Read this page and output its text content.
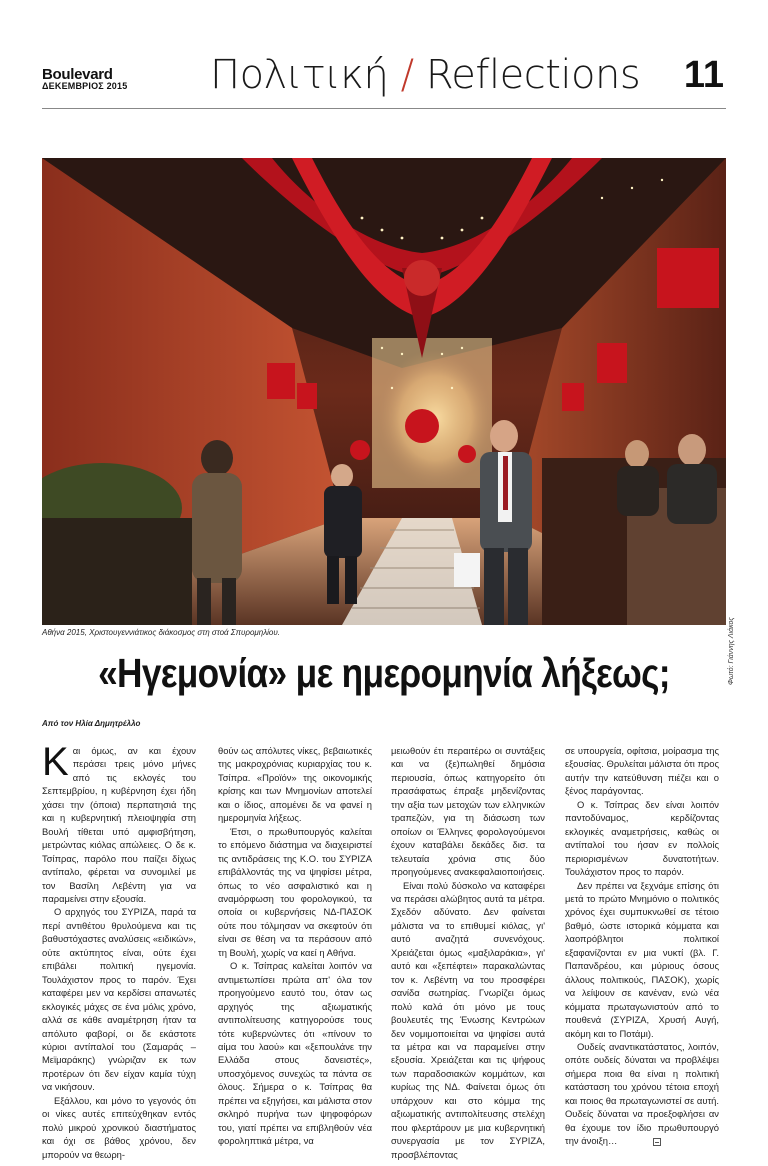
Boulevard
ΔΕΚΕΜΒΡΙΟΣ 2015 Πολιτική / Reflections 11
Αθήνα 2015, Χριστουγεννιάτικος διάκοσμος στη στοά Σπυρομηλίου.	Φωτό: Γιάννης Λιάκος
«Ηγεμονία» με ημερομηνία λήξεως;
Από τον Ηλία Δημητρέλλο

Και όμως, αν και έχουν περάσει τρεις μόνο μήνες από τις εκλογές του Σεπτεμβρίου, η κυβέρνηση έχει ήδη χάσει την (όποια) περπατησιά της και η κυβερνητική πλειοψηφία στη Βουλή τίθεται υπό αμφισβήτηση, μετρώντας κιόλας απώλειες. Ο δε κ. Τσίπρας, παρόλο που παίζει δίχως αντίπαλο, φέρεται να συνομιλεί με τον Βασίλη Λεβέντη για να παραμείνει στην εξουσία.

Ο αρχηγός του ΣΥΡΙΖΑ, παρά τα περί αντιθέτου θρυλούμενα και τις βαθυστόχαστες αναλύσεις «ειδικών», ούτε ακτύπητος είναι, ούτε έχει επιβάλει πολιτική ηγεμονία. Τουλάχιστον προς το παρόν. Έχει καταφέρει μεν να κερδίσει απανωτές εκλογικές μάχες σε ένα μόλις χρόνο, αλλά σε κάθε αναμέτρηση ήταν τα απόλυτο φαβορί, οι δε εκάστοτε κύριοι αντίπαλοί του (Σαμαράς – Μεϊμαράκης) γνώριζαν εκ των προτέρων ότι δεν είχαν καμία τύχη να νικήσουν.

Εξάλλου, και μόνο το γεγονός ότι οι νίκες αυτές επιτεύχθηκαν εντός πολύ μικρού χρονικού διαστήματος και όχι σε βάθος χρόνου, δεν μπορούν να θεωρη-

θούν ως απόλυτες νίκες, βεβαιωτικές της μακροχρόνιας κυριαρχίας του κ. Τσίπρα. «Προϊόν» της οικονομικής κρίσης και των Μνημονίων αποτελεί και ο ίδιος, απομένει δε να φανεί η ημερομηνία λήξεως.

Έτσι, ο πρωθυπουργός καλείται το επόμενο διάστημα να διαχειριστεί τις αντιδράσεις της Κ.Ο. του ΣΥΡΙΖΑ επιβάλλοντάς της να ψηφίσει μέτρα, όπως το νέο ασφαλιστικό και η αναμόρφωση του φορολογικού, τα οποία οι κυβερνήσεις ΝΔ-ΠΑΣΟΚ ούτε που τόλμησαν να σκεφτούν ότι είναι σε θέση να τα περάσουν από τη Βουλή, χωρίς να καεί η Αθήνα.

Ο κ. Τσίπρας καλείται λοιπόν να αντιμετωπίσει πρώτα απ' όλα τον προηγούμενο εαυτό του, όταν ως αρχηγός της αξιωματικής αντιπολίτευσης κατηγορούσε τους τότε κυβερνώντες ότι «πίνουν το αίμα του λαού» και «ξεπουλάνε την Ελλάδα στους δανειστές», υποσχόμενος συνεχώς τα πάντα σε όλους. Σήμερα ο κ. Τσίπρας θα πρέπει να εξηγήσει, και μάλιστα στον σκληρό πυρήνα των ψηφοφόρων του, γιατί πρέπει να επιβληθούν νέα φοροληπτικά μέτρα, να

μειωθούν έτι περαιτέρω οι συντάξεις και να (ξε)πωληθεί δημόσια περιουσία, όπως κατηγορείτο ότι πρασάφατως έπραξε μηδενίζοντας την αξία των μετοχών των ελληνικών τραπεζών, για τη διάσωση των οποίων οι Έλληνες φορολογούμενοι έχουν καταβάλει δεκάδες δισ. τα τελευταία χρόνια στις δύο προηγούμενες ανακεφαλαιοποιήσεις.

Είναι πολύ δύσκολο να καταφέρει να περάσει αλώβητος αυτά τα μέτρα. Σχεδόν αδύνατο. Δεν φαίνεται μάλιστα να το επιθυμεί κιόλας, γι' αυτό αναζητά συνενόχους. Χρειάζεται όμως «μαξιλαράκια», γι' αυτό και «ξεπέφτει» παρακαλώντας τον κ. Λεβέντη να του προσφέρει σανίδα σωτηρίας. Γνωρίζει όμως πολύ καλά ότι μόνο με τους βουλευτές της Ένωσης Κεντρώων δεν νομιμοποιείται να ψηφίσει αυτά τα μέτρα και να παραμείνει στην εξουσία. Χρειάζεται και τις ψήφους των παραδοσιακών κομμάτων, και κυρίως της ΝΔ. Φαίνεται όμως ότι υπάρχουν και στο κόμμα της αξιωματικής αντιπολίτευσης στελέχη που φλερτάρουν με μια κυβερνητική συνεργασία με τον ΣΥΡΙΖΑ, προσβλέποντας

σε υπουργεία, οφίτσια, μοίρασμα της εξουσίας. Θρυλείται μάλιστα ότι προς αυτήν την κατεύθυνση πιέζει και ο ξένος παράγοντας.

Ο κ. Τσίπρας δεν είναι λοιπόν παντοδύναμος, κερδίζοντας εκλογικές αναμετρήσεις, καθώς οι αντίπαλοί του ήσαν εν πολλοίς περιορισμένων δυνατοτήτων. Τουλάχιστον προς το παρόν.

Δεν πρέπει να ξεχνάμε επίσης ότι μετά το πρώτο Μνημόνιο ο πολιτικός χρόνος έχει συμπυκνωθεί σε τέτοιο βαθμό, ώστε ιστορικά κόμματα και λαοπρόβλητοι πολιτικοί εξαφανίζονται εν μια νυκτί (βλ. Γ. Παπανδρέου, και μύριους όσους άλλους πολιτικούς, ΠΑΣΟΚ), χωρίς να λείψουν σε κανέναν, ενώ νέα κόμματα πρωταγωνιστούν από το πουθενά (ΣΥΡΙΖΑ, Χρυσή Αυγή, ακόμη και το Ποτάμι).

Ουδείς αναντικατάστατος, λοιπόν, οπότε ουδείς δύναται να προβλέψει σήμερα ποια θα είναι η πολιτική κατάσταση του χρόνου τέτοια εποχή και ποιος θα πρωταγωνιστεί σε αυτή. Ουδείς δύναται να προεξοφλήσει αν θα έχουμε τον ίδιο πρωθυπουργό την άνοιξη…
